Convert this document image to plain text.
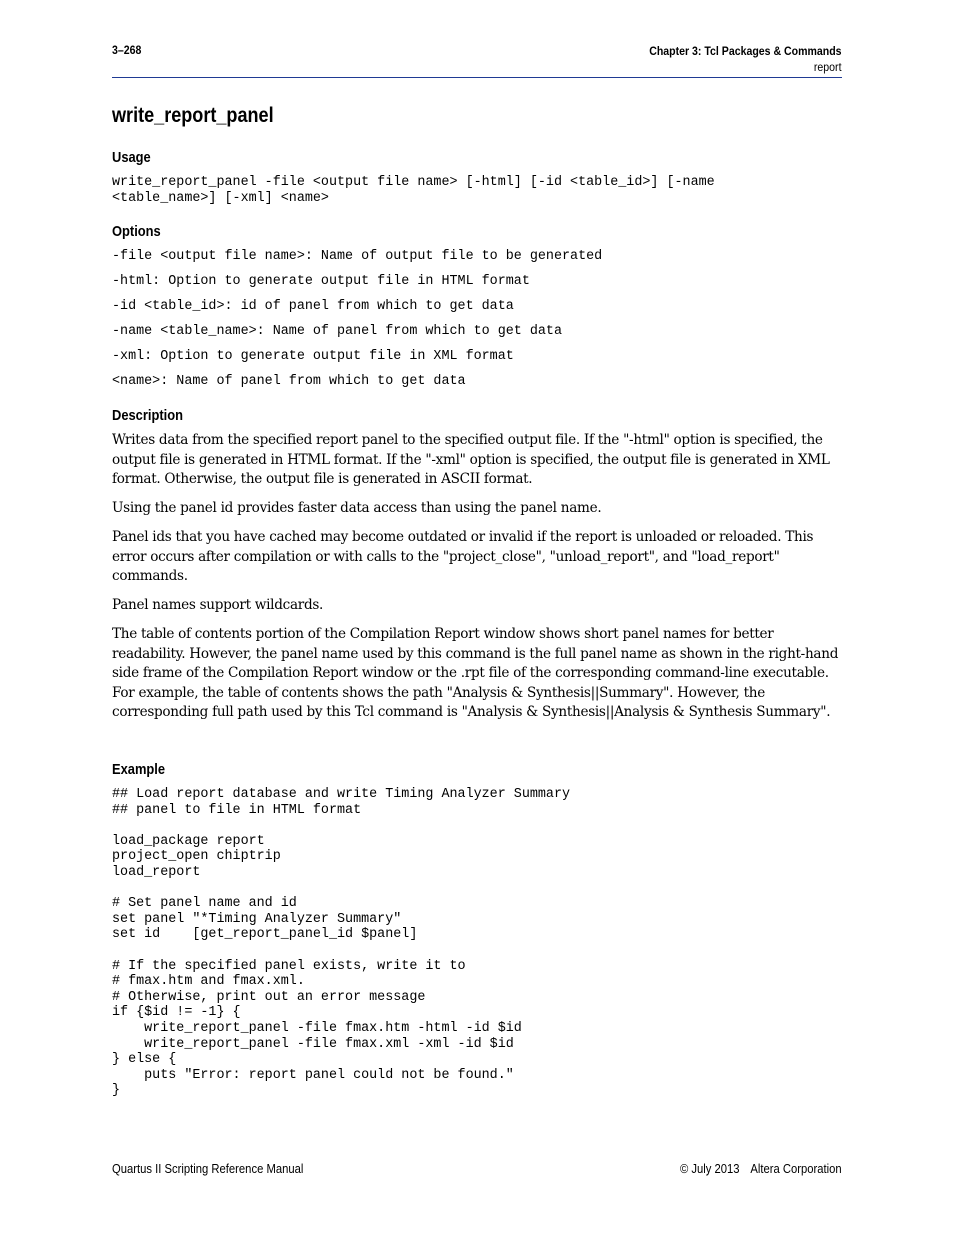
3–268	Chapter 3: Tcl Packages & Commands
report
write_report_panel
Usage
write_report_panel -file <output file name> [-html] [-id <table_id>] [-name
<table_name>] [-xml] <name>
Options
-file <output file name>: Name of output file to be generated
-html: Option to generate output file in HTML format
-id <table_id>: id of panel from which to get data
-name <table_name>: Name of panel from which to get data
-xml: Option to generate output file in XML format
<name>: Name of panel from which to get data
Description

Writes data from the specified report panel to the specified output file. If the "-html" option is specified, the output file is generated in HTML format. If the "-xml" option is specified, the output file is generated in XML format. Otherwise, the output file is generated in ASCII format.

Using the panel id provides faster data access than using the panel name.

Panel ids that you have cached may become outdated or invalid if the report is unloaded or reloaded. This error occurs after compilation or with calls to the "project_close", "unload_report", and "load_report" commands.

Panel names support wildcards.

The table of contents portion of the Compilation Report window shows short panel names for better readability. However, the panel name used by this command is the full panel name as shown in the right-hand side frame of the Compilation Report window or the .rpt file of the corresponding command-line executable. For example, the table of contents shows the path "Analysis & Synthesis||Summary". However, the corresponding full path used by this Tcl command is "Analysis & Synthesis||Analysis & Synthesis Summary".

Example
## Load report database and write Timing Analyzer Summary
## panel to file in HTML format

load_package report
project_open chiptrip
load_report

# Set panel name and id
set panel "*Timing Analyzer Summary"
set id    [get_report_panel_id $panel]

# If the specified panel exists, write it to
# fmax.htm and fmax.xml.
# Otherwise, print out an error message
if {$id != -1} {
write_report_panel -file fmax.htm -html -id $id
write_report_panel -file fmax.xml -xml -id $id
} else {
puts "Error: report panel could not be found."
}
Quartus II Scripting Reference Manual	© July 2013 Altera Corporation
